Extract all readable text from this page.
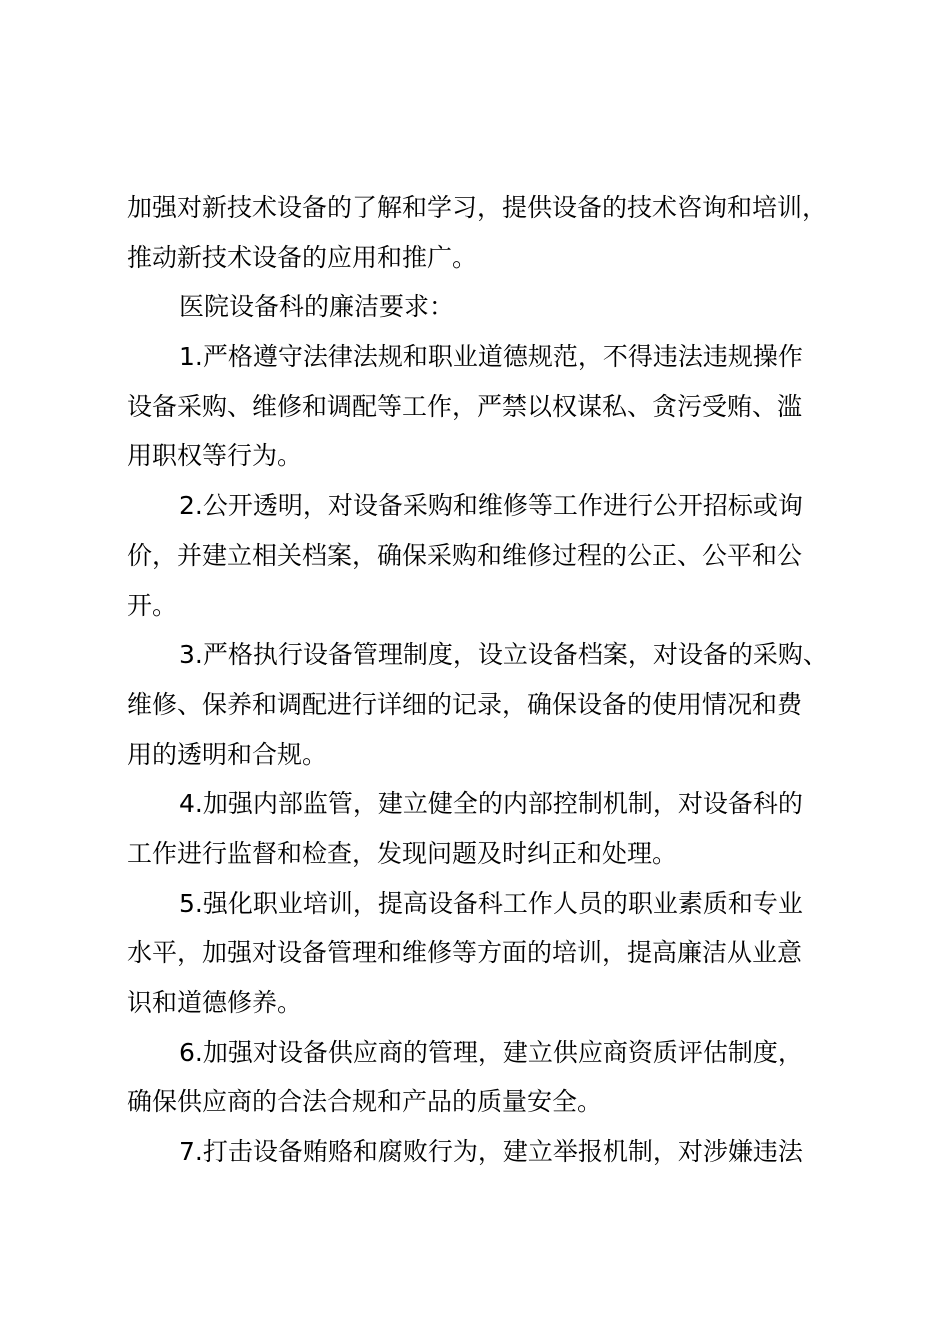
加强对新技术设备的了解和学习，提供设备的技术咨询和培训，
推动新技术设备的应用和推广。
医院设备科的廉洁要求：
1.严格遵守法律法规和职业道德规范，不得违法违规操作
设备采购、维修和调配等工作，严禁以权谋私、贪污受贿、滥
用职权等行为。
2.公开透明，对设备采购和维修等工作进行公开招标或询
价，并建立相关档案，确保采购和维修过程的公正、公平和公
开。
3.严格执行设备管理制度，设立设备档案，对设备的采购、
维修、保养和调配进行详细的记录，确保设备的使用情况和费
用的透明和合规。
4.加强内部监管，建立健全的内部控制机制，对设备科的
工作进行监督和检查，发现问题及时纠正和处理。
5.强化职业培训，提高设备科工作人员的职业素质和专业
水平，加强对设备管理和维修等方面的培训，提高廉洁从业意
识和道德修养。
6.加强对设备供应商的管理，建立供应商资质评估制度，
确保供应商的合法合规和产品的质量安全。
7.打击设备贿赂和腐败行为，建立举报机制，对涉嫌违法
